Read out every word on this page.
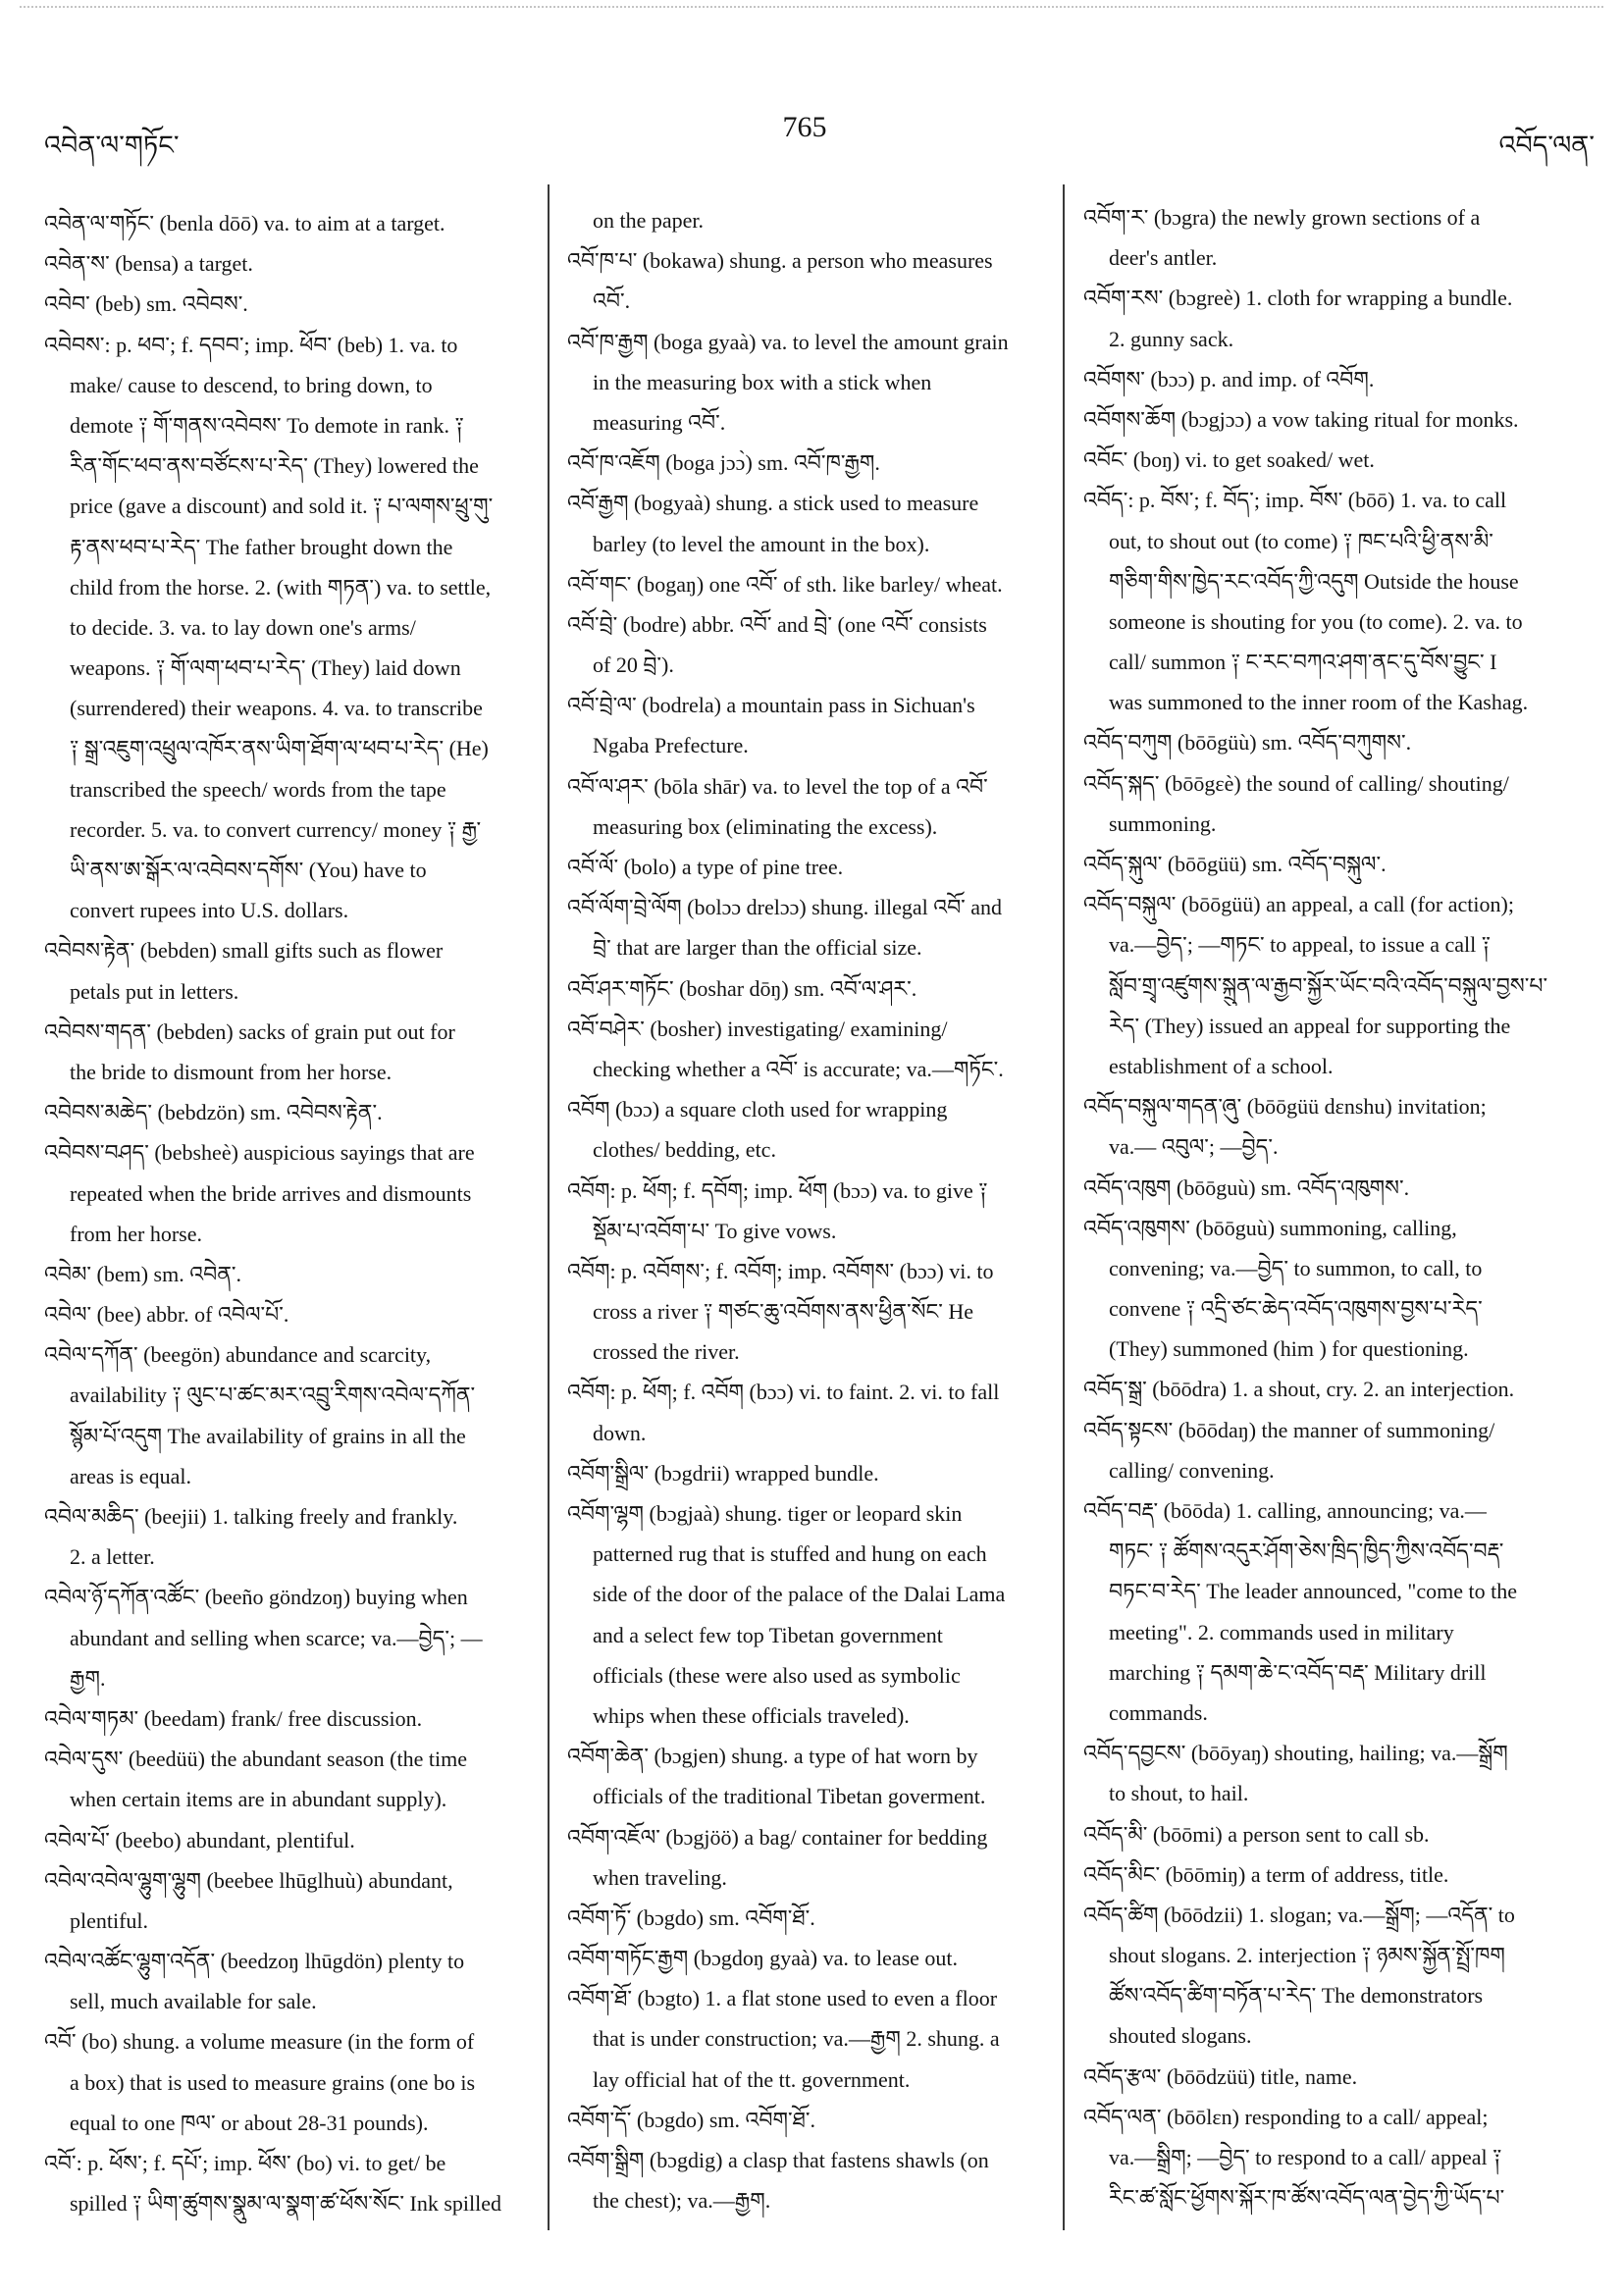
འབེན་ལ་གཏོང་
765
འབོད་ལན་
འབེན་ལ་གཏོང་ (benla dōō) va. to aim at a target.
འབེན་ས་ (bensa) a target.
འབེབ་ (beb) sm. འབེབས་.
འབེབས་: p. ཕབ་; f. དབབ་; imp. ཕོབ་ (beb) 1. va. to
make/ cause to descend, to bring down, to
demote ༑ གོ་གནས་འབེབས་ To demote in rank. ༑
རིན་གོང་ཕབ་ནས་བཙོངས་པ་རེད་ (They) lowered the
price (gave a discount) and sold it. ༑ པ་ལགས་ཕྲུ་གུ་
རྟ་ནས་ཕབ་པ་རེད་ The father brought down the
child from the horse. 2. (with གཏན་) va. to settle,
to decide. 3. va. to lay down one's arms/
weapons. ༑ གོ་ལག་ཕབ་པ་རེད་ (They) laid down
(surrendered) their weapons. 4. va. to transcribe
༑ སྒྲ་འཇུག་འཕྲུལ་འཁོར་ནས་ཡིག་ཐོག་ལ་ཕབ་པ་རེད་ (He)
transcribed the speech/ words from the tape
recorder. 5. va. to convert currency/ money ༑ རྒྱ་
ཡི་ནས་ཨ་སྒོར་ལ་འབེབས་དགོས་ (You) have to
convert rupees into U.S. dollars.
འབེབས་རྟེན་ (bebden) small gifts such as flower
petals put in letters.
འབེབས་གདན་ (bebden) sacks of grain put out for
the bride to dismount from her horse.
འབེབས་མཆེད་ (bebdzön) sm. འབེབས་རྟེན་.
འབེབས་བཤད་ (bebsheè) auspicious sayings that are
repeated when the bride arrives and dismounts
from her horse.
འབེམ་ (bem) sm. འབེན་.
འབེལ་ (bee) abbr. of འབེལ་པོ་.
འབེལ་དཀོན་ (beegön) abundance and scarcity,
availability ༑ ལུང་པ་ཚང་མར་འབྲུ་རིགས་འབེལ་དཀོན་
སྙོམ་པོ་འདུག The availability of grains in all the
areas is equal.
འབེལ་མཆིད་ (beejii) 1. talking freely and frankly.
2. a letter.
འབེལ་ཉོ་དཀོན་འཚོང་ (beeño göndzoŋ) buying when
abundant and selling when scarce; va.—བྱེད་; —
རྒྱག.
འབེལ་གཏམ་ (beedam) frank/ free discussion.
འབེལ་དུས་ (beedüü) the abundant season (the time
when certain items are in abundant supply).
འབེལ་པོ་ (beebo) abundant, plentiful.
འབེལ་འབེལ་ལྷུག་ལྷུག (beebee lhūglhuù) abundant,
plentiful.
འབེལ་འཚོང་ལྷུག་འདོན་ (beedzoŋ lhūgdön) plenty to
sell, much available for sale.
འབོ་ (bo) shung. a volume measure (in the form of
a box) that is used to measure grains (one bo is
equal to one ཁལ་ or about 28-31 pounds).
འབོ་: p. ཕོས་; f. དཔོ་; imp. ཕོས་ (bo) vi. to get/ be
spilled ༑ ཡིག་ཚུགས་སྣུམ་ལ་སྣག་ཚ་ཕོས་སོང་ Ink spilled
on the paper.
འབོ་ཁ་པ་ (bokawa) shung. a person who measures
འབོ་.
འབོ་ཁ་རྒྱག (boga gyaà) va. to level the amount grain
in the measuring box with a stick when
measuring འབོ་.
འབོ་ཁ་འཇོག (boga jɔɔ̀) sm. འབོ་ཁ་རྒྱག.
འབོ་རྒྱག (bogyaà) shung. a stick used to measure
barley (to level the amount in the box).
འབོ་གང་ (bogaŋ) one འབོ་ of sth. like barley/ wheat.
འབོ་བྲེ་ (bodre) abbr. འབོ་ and བྲེ་ (one འབོ་ consists
of 20 བྲེ་).
འབོ་བྲེ་ལ་ (bodrela) a mountain pass in Sichuan's
Ngaba Prefecture.
འབོ་ལ་ཤར་ (bōla shār) va. to level the top of a འབོ་
measuring box (eliminating the excess).
འབོ་ལོ་ (bolo) a type of pine tree.
འབོ་ལོག་བྲེ་ལོག (bolɔɔ drelɔɔ) shung. illegal འབོ་ and
བྲེ་ that are larger than the official size.
འབོ་ཤར་གཏོང་ (boshar dōŋ) sm. འབོ་ལ་ཤར་.
འབོ་བཤེར་ (bosher) investigating/ examining/
checking whether a འབོ་ is accurate; va.—གཏོང་.
འབོག (bɔɔ) a square cloth used for wrapping
clothes/ bedding, etc.
འབོག: p. ཕོག; f. དབོག; imp. ཕོག (bɔɔ) va. to give ༑
སྡོམ་པ་འབོག་པ་ To give vows.
འབོག: p. འབོགས་; f. འབོག; imp. འབོགས་ (bɔɔ) vi. to
cross a river ༑ གཙང་ཆུ་འབོགས་ནས་ཕྱིན་སོང་ He
crossed the river.
འབོག: p. ཕོག; f. འབོག (bɔɔ) vi. to faint. 2. vi. to fall
down.
འབོག་སྒྲིལ་ (bɔgdrii) wrapped bundle.
འབོག་ལྷག (bɔgjaà) shung. tiger or leopard skin
patterned rug that is stuffed and hung on each
side of the door of the palace of the Dalai Lama
and a select few top Tibetan government
officials (these were also used as symbolic
whips when these officials traveled).
འབོག་ཆེན་ (bɔgjen) shung. a type of hat worn by
officials of the traditional Tibetan goverment.
འབོག་འཇོལ་ (bɔgjöö) a bag/ container for bedding
when traveling.
འབོག་ཏོ་ (bɔgdo) sm. འབོག་ཐོ་.
འབོག་གཏོང་རྒྱག (bɔgdoŋ gyaà) va. to lease out.
འབོག་ཐོ་ (bɔgto) 1. a flat stone used to even a floor
that is under construction; va.—རྒྱག 2. shung. a
lay official hat of the tt. government.
འབོག་དོ་ (bɔgdo) sm. འབོག་ཐོ་.
འབོག་སྒྲིག (bɔgdig) a clasp that fastens shawls (on
the chest); va.—རྒྱག.
འབོག་ར་ (bɔgra) the newly grown sections of a
deer's antler.
འབོག་རས་ (bɔgreè) 1. cloth for wrapping a bundle.
2. gunny sack.
འབོགས་ (bɔɔ) p. and imp. of འབོག.
འབོགས་ཆོག (bɔgjɔɔ) a vow taking ritual for monks.
འབོང་ (boŋ) vi. to get soaked/ wet.
འབོད་: p. བོས་; f. བོད་; imp. བོས་ (bōō) 1. va. to call
out, to shout out (to come) ༑ ཁང་པའི་ཕྱི་ནས་མི་
གཅིག་གིས་ཁྱེད་རང་འབོད་ཀྱི་འདུག Outside the house
someone is shouting for you (to come). 2. va. to
call/ summon ༑ ང་རང་བཀའ་ཤག་ནང་དུ་བོས་བྱུང་ I
was summoned to the inner room of the Kashag.
འབོད་བཀུག (bōōgüù) sm. འབོད་བཀུགས་.
འབོད་སྐད་ (bōōgɛè) the sound of calling/ shouting/
summoning.
འབོད་སྐུལ་ (bōōgüü) sm. འབོད་བསྐུལ་.
འབོད་བསྐུལ་ (bōōgüü) an appeal, a call (for action);
va.—བྱེད་; —གཏང་ to appeal, to issue a call ༑
སློབ་གྲྭ་འཛུགས་སྐྲུན་ལ་རྒྱབ་སྐྱོར་ཡོང་བའི་འབོད་བསྐུལ་བྱས་པ་
རེད་ (They) issued an appeal for supporting the
establishment of a school.
འབོད་བསྐུལ་གདན་ཞུ་ (bōōgüü dɛnshu) invitation;
va.— འབུལ་; —བྱེད་.
འབོད་འཁུག (bōōguù) sm. འབོད་འཁུགས་.
འབོད་འཁུགས་ (bōōguù) summoning, calling,
convening; va.—བྱེད་ to summon, to call, to
convene ༑ འདྲི་ཙང་ཆེད་འབོད་འཁུགས་བྱས་པ་རེད་
(They) summoned (him ) for questioning.
འབོད་སྒྲ་ (bōōdra) 1. a shout, cry. 2. an interjection.
འབོད་སྟངས་ (bōōdaŋ) the manner of summoning/
calling/ convening.
འབོད་བརྡ་ (bōōda) 1. calling, announcing; va.—
གཏང་ ༑ ཚོགས་འདུར་ཤོག་ཅེས་ཁྲིད་ཁྱིད་ཀྱིས་འབོད་བརྡ་
བཏང་བ་རེད་ The leader announced, "come to the
meeting". 2. commands used in military
marching ༑ དམག་ཆེ་ང་འབོད་བརྡ་ Military drill
commands.
འབོད་དབྱངས་ (bōōyaŋ) shouting, hailing; va.—སྒྲོག
to shout, to hail.
འབོད་མི་ (bōōmi) a person sent to call sb.
འབོད་མིང་ (bōōmiŋ) a term of address, title.
འབོད་ཚིག (bōōdzii) 1. slogan; va.—སྒྲོག; —འདོན་ to
shout slogans. 2. interjection ༑ ཉམས་སྐྱོན་སྤྲོ་ཁག
ཚོས་འབོད་ཚིག་བཏོན་པ་རེད་ The demonstrators
shouted slogans.
འབོད་རྩལ་ (bōōdzüü) title, name.
འབོད་ལན་ (bōōlɛn) responding to a call/ appeal;
va.—སྒྲིག; —བྱེད་ to respond to a call/ appeal ༑
རིང་ཚ་སློང་ཕྱོགས་སྐོར་ཁ་ཚོས་འབོད་ལན་བྱེད་ཀྱི་ཡོད་པ་
